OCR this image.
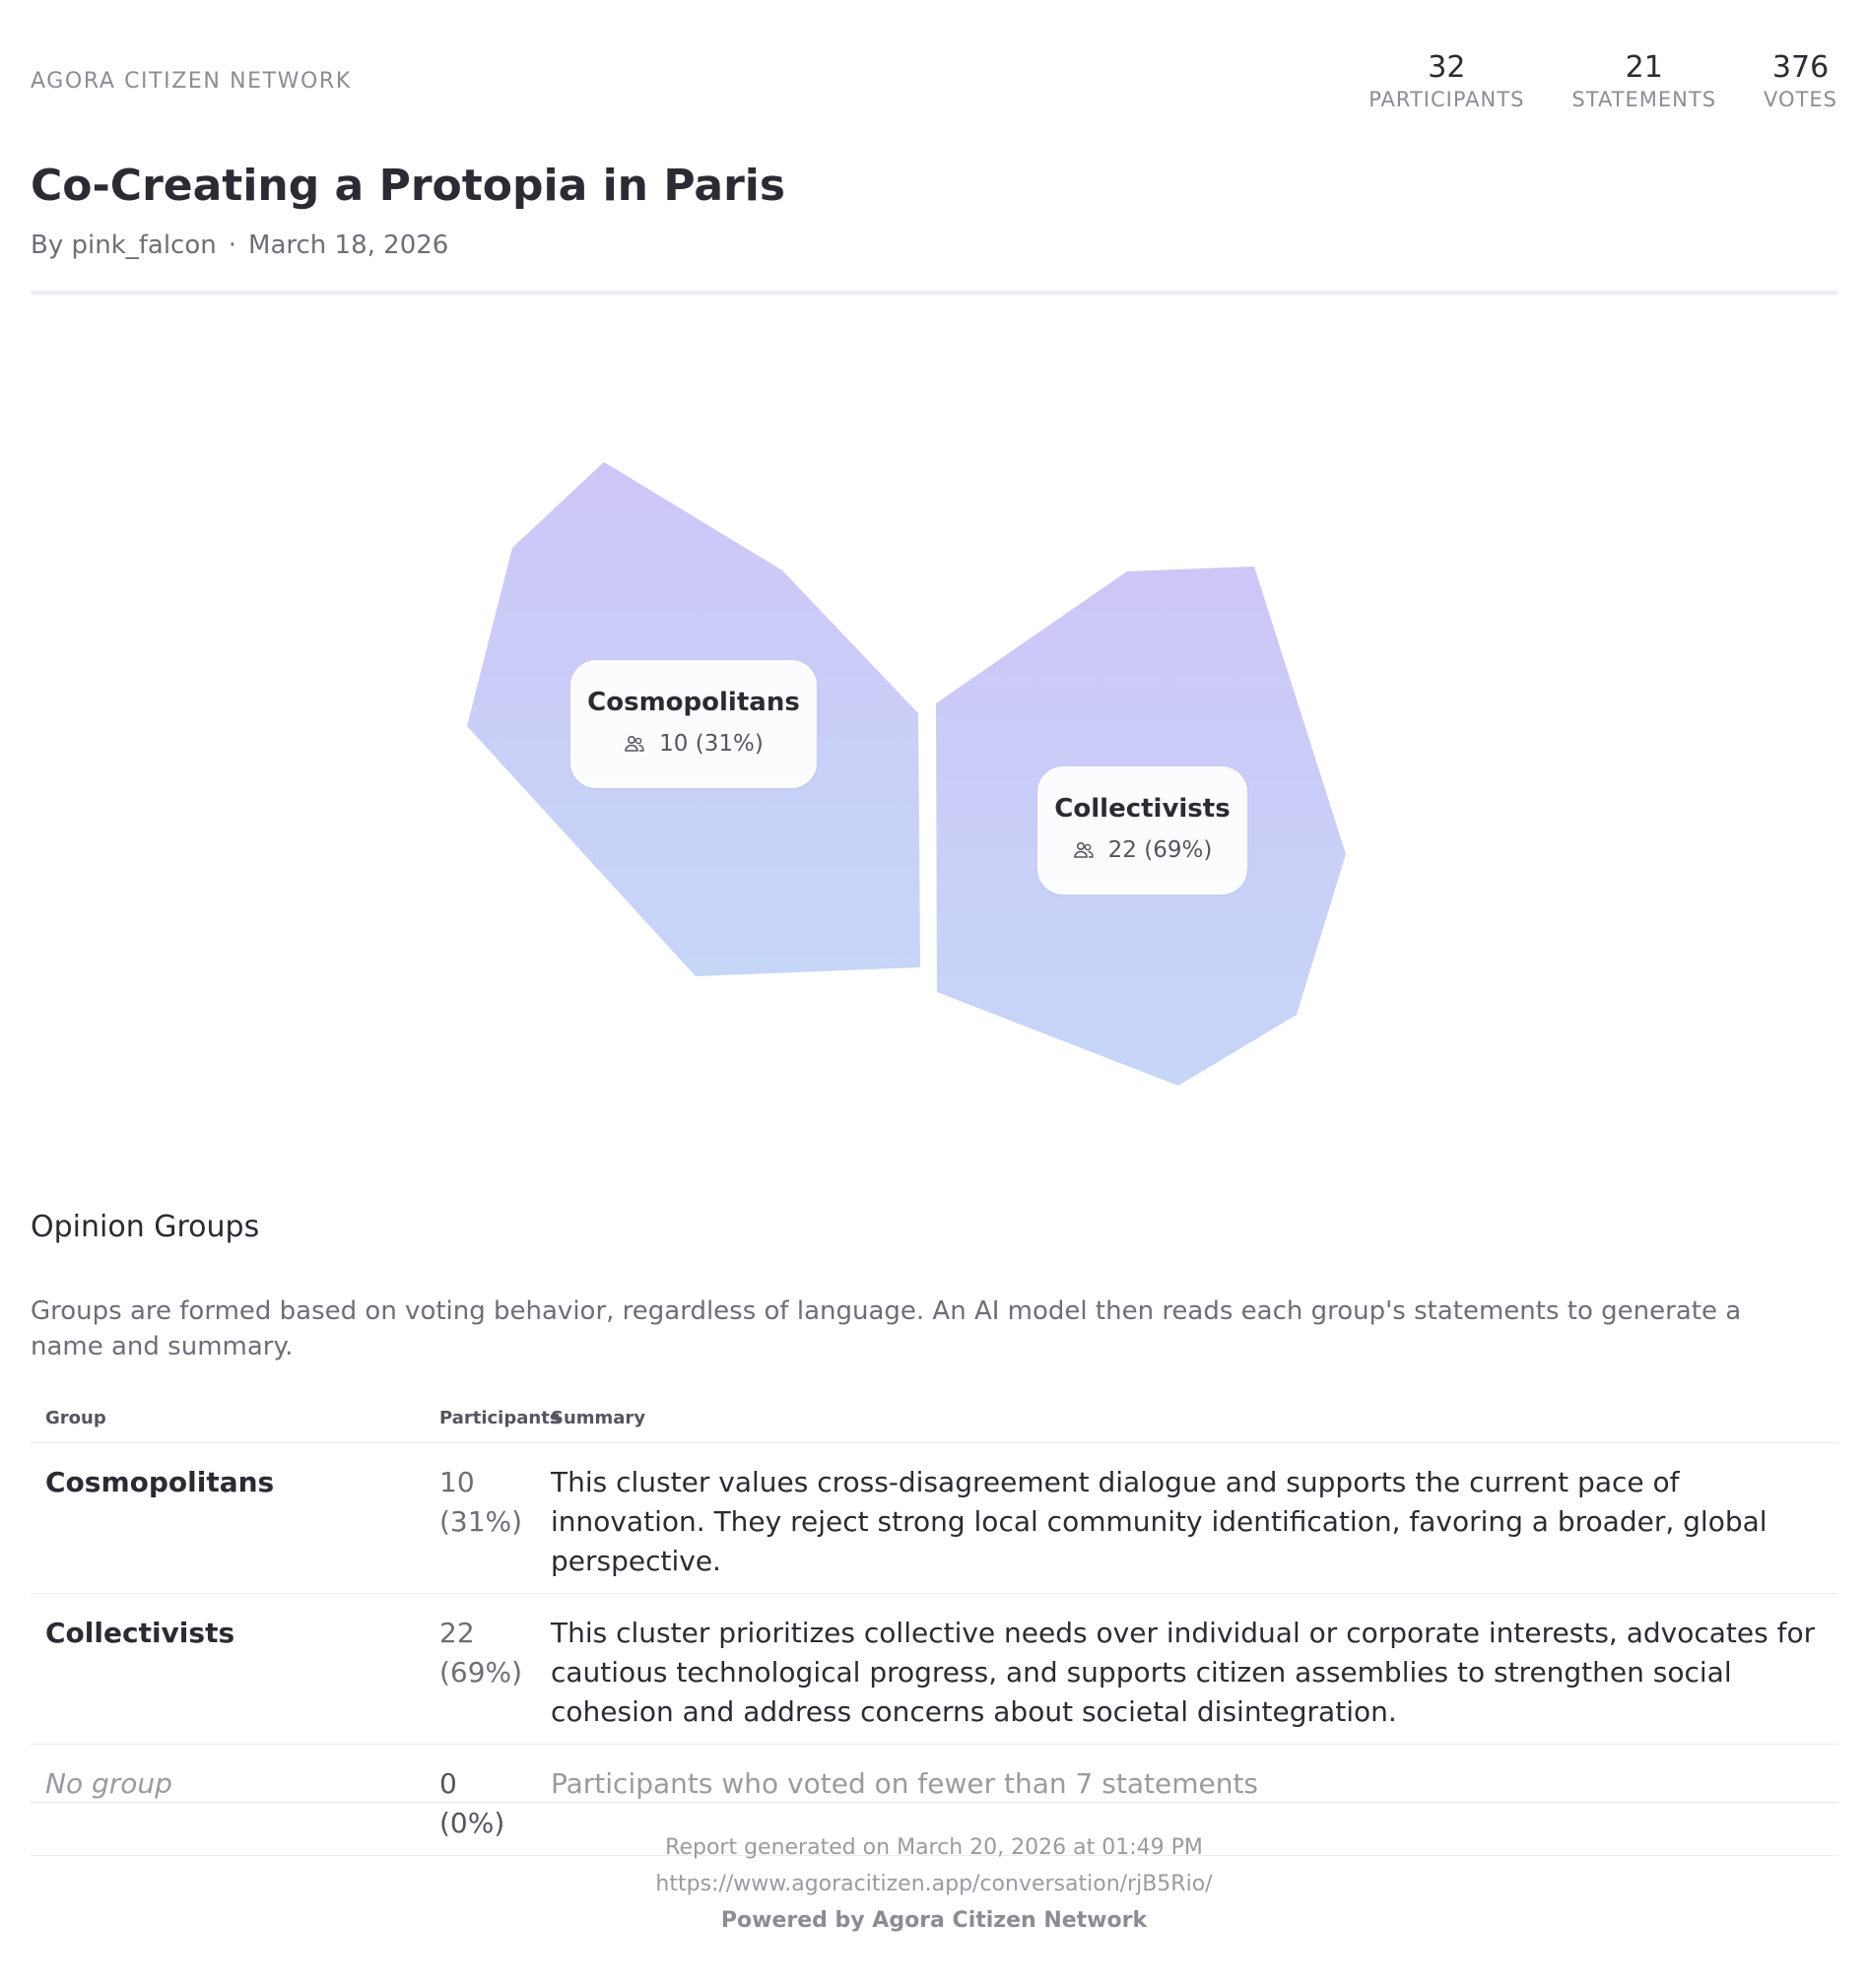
AGORA CITIZEN NETWORK	32
PARTICIPANTS
21
STATEMENTS
376
VOTES
Co-Creating a Protopia in Paris
By pink_falcon · March 18, 2026
Cosmopolitans
10 (31%)
Collectivists
22 (69%)
Opinion Groups

Groups are formed based on voting behavior, regardless of language. An AI model then reads each group's statements to generate a name and summary.

Group	Participants	Summary
Cosmopolitans	10 (31%)	This cluster values cross-disagreement dialogue and supports the current pace of innovation. They reject strong local community identification, favoring a broader, global perspective.
Collectivists	22 (69%)	This cluster prioritizes collective needs over individual or corporate interests, advocates for cautious technological progress, and supports citizen assemblies to strengthen social cohesion and address concerns about societal disintegration.
No group	0 (0%)	Participants who voted on fewer than 7 statements
Report generated on March 20, 2026 at 01:49 PM
https://www.agoracitizen.app/conversation/rjB5Rio/
Powered by Agora Citizen Network
